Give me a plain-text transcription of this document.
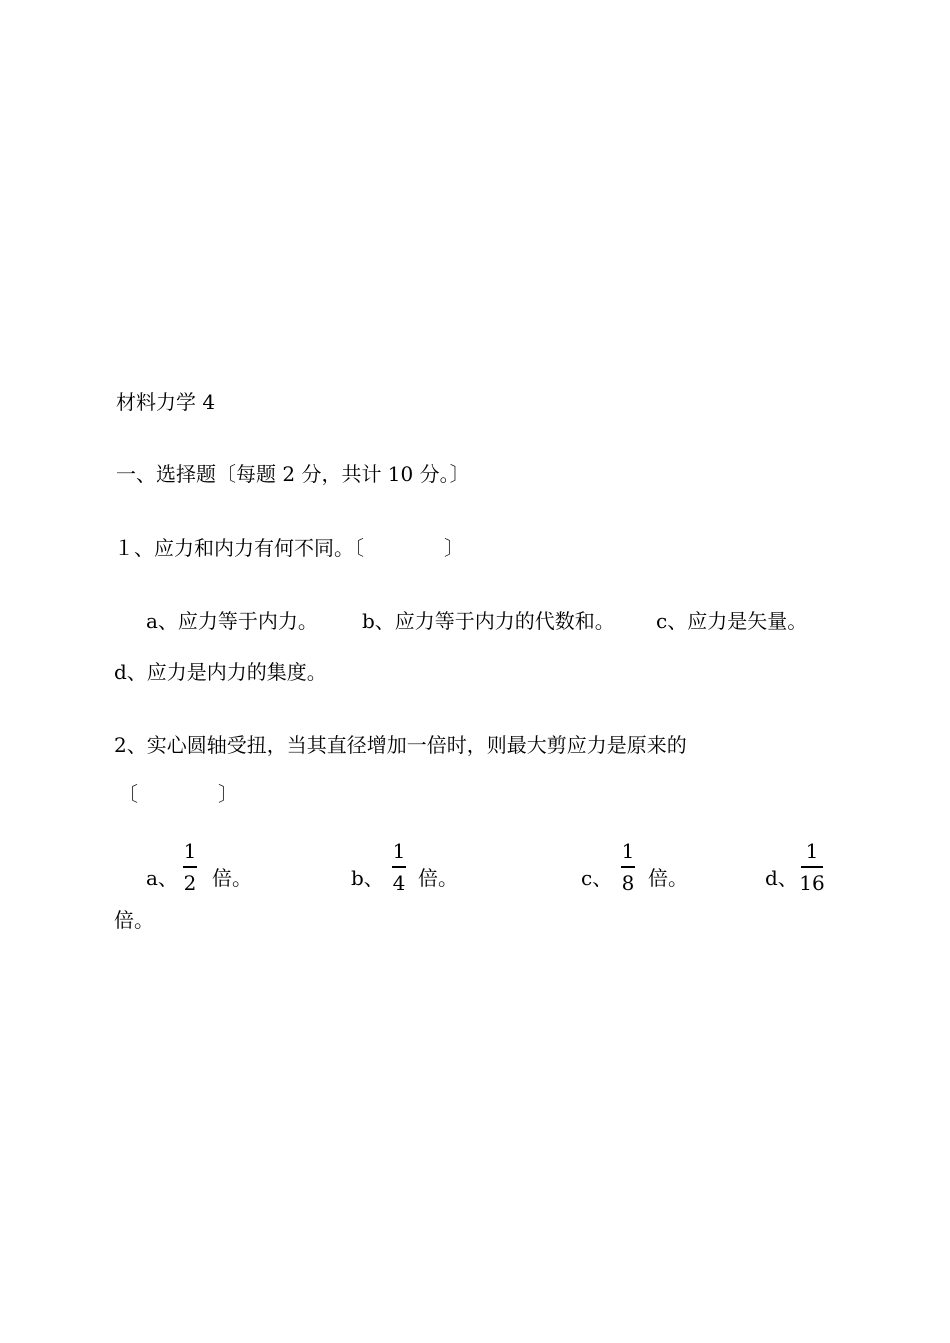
材料力学 4
一、选择题〔每题 2 分，共计 10 分。〕
１、应力和内力有何不同。〔　　　　〕
a、应力等于内力。 b、应力等于内力的代数和。 c、应力是矢量。
d、应力是内力的集度。
2、实心圆轴受扭，当其直径增加一倍时，则最大剪应力是原来的
〔　　　　〕
a、
1
2 倍。	b、
1
4 倍。	c、
1
8 倍。	d、
1
16
倍。
